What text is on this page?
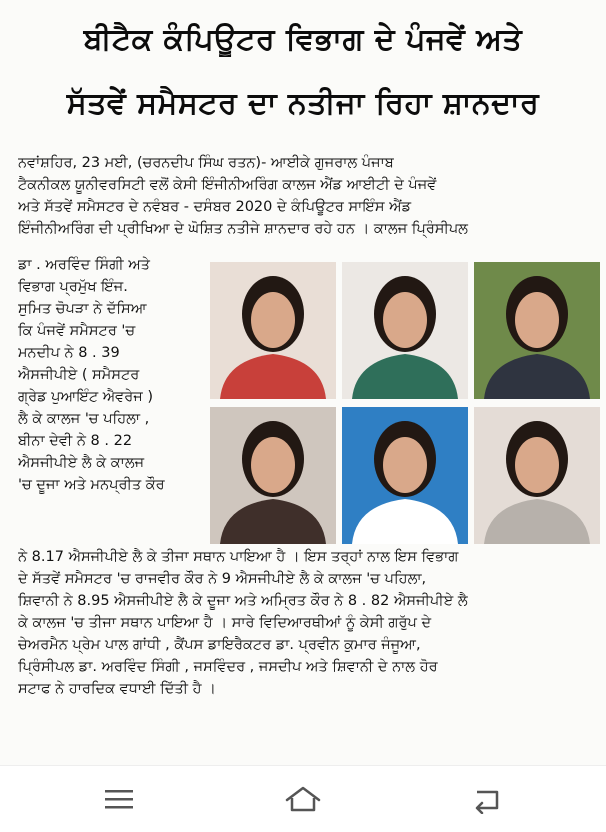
ਬੀਟੈਕ ਕੰਪਿਊਟਰ ਵਿਭਾਗ ਦੇ ਪੰਜਵੇਂ ਅਤੇ
ਸੱਤਵੇਂ ਸਮੈਸਟਰ ਦਾ ਨਤੀਜਾ ਰਿਹਾ ਸ਼ਾਨਦਾਰ
ਨਵਾਂਸ਼ਹਿਰ, 23 ਮਈ, (ਚਰਨਦੀਪ ਸਿੰਘ ਰਤਨ)- ਆਈਕੇ ਗੁਜਰਾਲ ਪੰਜਾਬ
ਟੈਕਨੀਕਲ ਯੂਨੀਵਰਸਿਟੀ ਵਲੋਂ ਕੇਸੀ ਇੰਜੀਨੀਅਰਿੰਗ ਕਾਲਜ ਐਂਡ ਆਈਟੀ ਦੇ ਪੰਜਵੇਂ
ਅਤੇ ਸੱਤਵੇਂ ਸਮੈਸਟਰ ਦੇ ਨਵੰਬਰ - ਦਸੰਬਰ 2020 ਦੇ ਕੰਪਿਊਟਰ ਸਾਇੰਸ ਐਂਡ
ਇੰਜੀਨੀਅਰਿੰਗ ਦੀ ਪ੍ਰੀਖਿਆ ਦੇ ਘੋਸ਼ਿਤ ਨਤੀਜੇ ਸ਼ਾਨਦਾਰ ਰਹੇ ਹਨ । ਕਾਲਜ ਪ੍ਰਿੰਸੀਪਲ
ਡਾ . ਅਰਵਿੰਦ ਸਿੰਗੀ ਅਤੇ
ਵਿਭਾਗ ਪ੍ਰਮੁੱਖ ਇੰਜ.
ਸੁਮਿਤ ਚੋਪੜਾ ਨੇ ਦੱਸਿਆ
ਕਿ ਪੰਜਵੇਂ ਸਮੈਸਟਰ 'ਚ
ਮਨਦੀਪ ਨੇ 8 . 39
ਐਸਜੀਪੀਏ ( ਸਮੈਸਟਰ
ਗ੍ਰੇਡ ਪੁਆਇੰਟ ਐਵਰੇਜ )
ਲੈ ਕੇ ਕਾਲਜ 'ਚ ਪਹਿਲਾ ,
ਬੀਨਾ ਦੇਵੀ ਨੇ 8 . 22
ਐਸਜੀਪੀਏ ਲੈ ਕੇ ਕਾਲਜ
'ਚ ਦੂਜਾ ਅਤੇ ਮਨਪ੍ਰੀਤ ਕੌਰ
ਨੇ 8.17 ਐਸਜੀਪੀਏ ਲੈ ਕੇ ਤੀਜਾ ਸਥਾਨ ਪਾਇਆ ਹੈ । ਇਸ ਤਰ੍ਹਾਂ ਨਾਲ ਇਸ ਵਿਭਾਗ
ਦੇ ਸੱਤਵੇਂ ਸਮੈਸਟਰ 'ਚ ਰਾਜਵੀਰ ਕੌਰ ਨੇ 9 ਐਸਜੀਪੀਏ ਲੈ ਕੇ ਕਾਲਜ 'ਚ ਪਹਿਲਾ,
ਸ਼ਿਵਾਨੀ ਨੇ 8.95 ਐਸਜੀਪੀਏ ਲੈ ਕੇ ਦੂਜਾ ਅਤੇ ਅਮ੍ਰਿਤ ਕੌਰ ਨੇ 8 . 82 ਐਸਜੀਪੀਏ ਲੈ
ਕੇ ਕਾਲਜ 'ਚ ਤੀਜਾ ਸਥਾਨ ਪਾਇਆ ਹੈ । ਸਾਰੇ ਵਿਦਿਆਰਥੀਆਂ ਨੂੰ ਕੇਸੀ ਗਰੁੱਪ ਦੇ
ਚੇਅਰਮੈਨ ਪ੍ਰੇਮ ਪਾਲ ਗਾਂਧੀ , ਕੈਂਪਸ ਡਾਇਰੈਕਟਰ ਡਾ. ਪ੍ਰਵੀਨ ਕੁਮਾਰ ਜੰਜੂਆ,
ਪ੍ਰਿੰਸੀਪਲ ਡਾ. ਅਰਵਿੰਦ ਸਿੰਗੀ , ਜਸਵਿੰਦਰ , ਜਸਦੀਪ ਅਤੇ ਸ਼ਿਵਾਨੀ ਦੇ ਨਾਲ ਹੋਰ
ਸਟਾਫ ਨੇ ਹਾਰਦਿਕ ਵਧਾਈ ਦਿੱਤੀ ਹੈ ।
